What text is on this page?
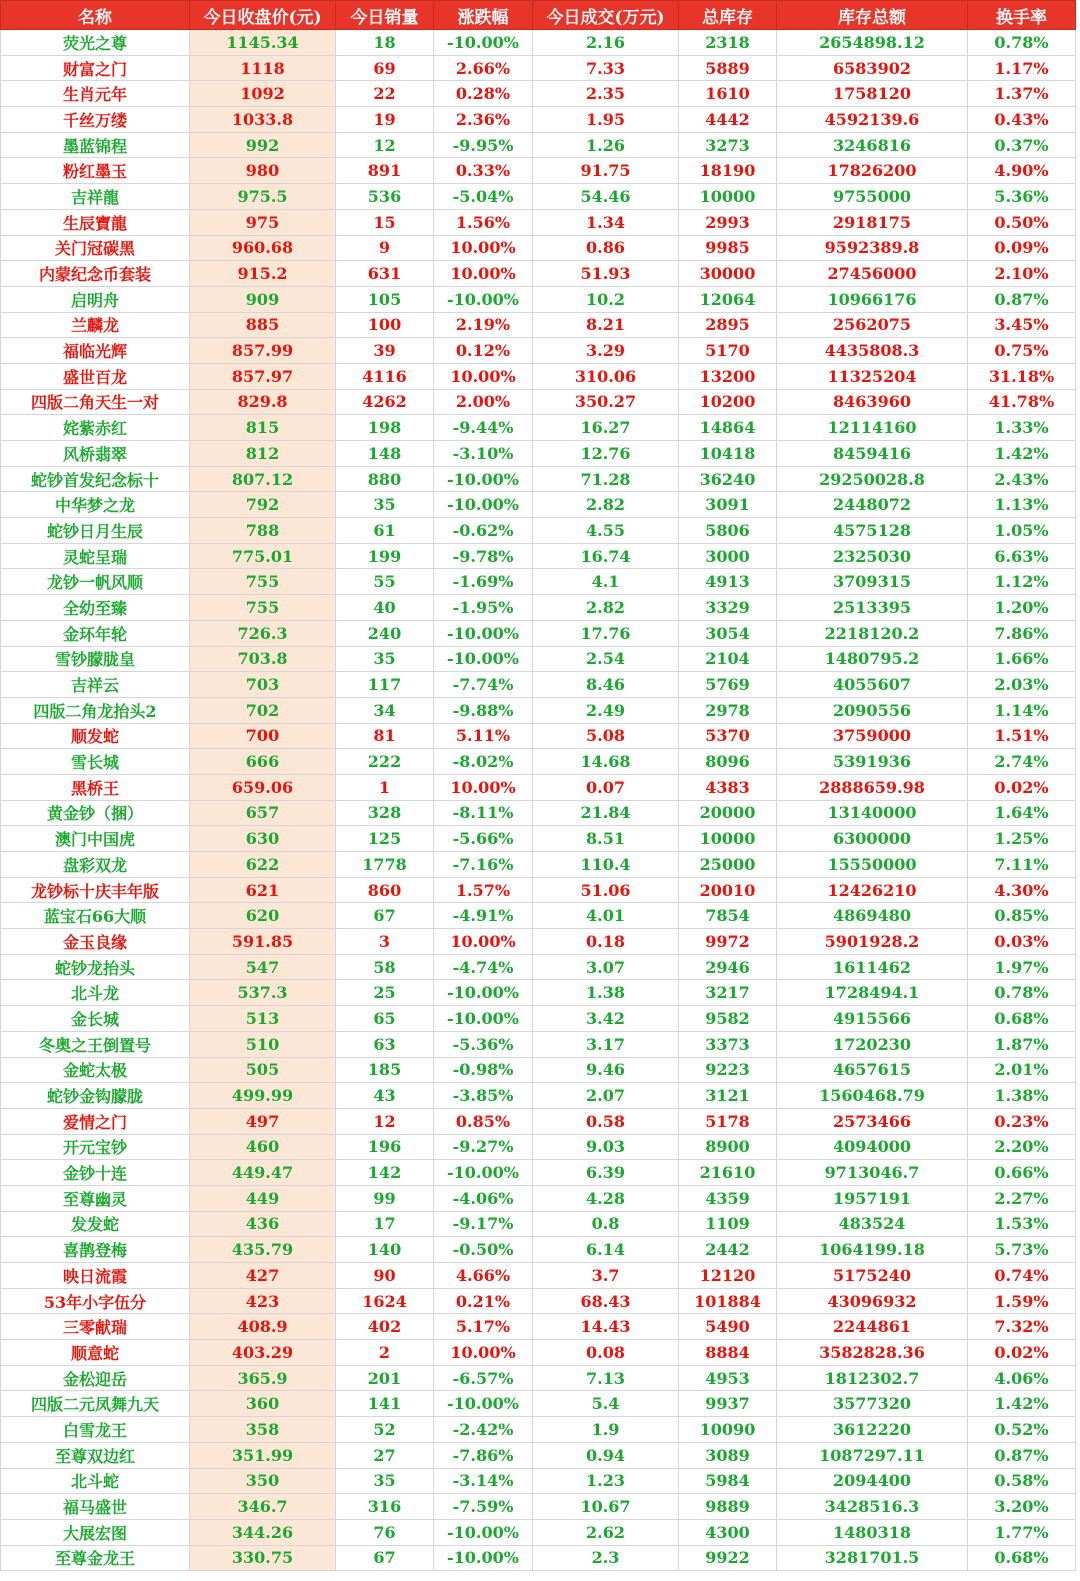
名称	今日收盘价(元)	今日销量	涨跌幅	今日成交(万元)	总库存	库存总额	换手率
荧光之尊	1145.34	18	-10.00%	2.16	2318	2654898.12	0.78%
财富之门	1118	69	2.66%	7.33	5889	6583902	1.17%
生肖元年	1092	22	0.28%	2.35	1610	1758120	1.37%
千丝万缕	1033.8	19	2.36%	1.95	4442	4592139.6	0.43%
墨蓝锦程	992	12	-9.95%	1.26	3273	3246816	0.37%
粉红墨玉	980	891	0.33%	91.75	18190	17826200	4.90%
吉祥龍	975.5	536	-5.04%	54.46	10000	9755000	5.36%
生辰寶龍	975	15	1.56%	1.34	2993	2918175	0.50%
关门冠碳黑	960.68	9	10.00%	0.86	9985	9592389.8	0.09%
内蒙纪念币套装	915.2	631	10.00%	51.93	30000	27456000	2.10%
启明舟	909	105	-10.00%	10.2	12064	10966176	0.87%
兰麟龙	885	100	2.19%	8.21	2895	2562075	3.45%
福临光辉	857.99	39	0.12%	3.29	5170	4435808.3	0.75%
盛世百龙	857.97	4116	10.00%	310.06	13200	11325204	31.18%
四版二角天生一对	829.8	4262	2.00%	350.27	10200	8463960	41.78%
姹紫赤红	815	198	-9.44%	16.27	14864	12114160	1.33%
风桥翡翠	812	148	-3.10%	12.76	10418	8459416	1.42%
蛇钞首发纪念标十	807.12	880	-10.00%	71.28	36240	29250028.8	2.43%
中华梦之龙	792	35	-10.00%	2.82	3091	2448072	1.13%
蛇钞日月生辰	788	61	-0.62%	4.55	5806	4575128	1.05%
灵蛇呈瑞	775.01	199	-9.78%	16.74	3000	2325030	6.63%
龙钞一帆风顺	755	55	-1.69%	4.1	4913	3709315	1.12%
全幼至臻	755	40	-1.95%	2.82	3329	2513395	1.20%
金环年轮	726.3	240	-10.00%	17.76	3054	2218120.2	7.86%
雪钞朦胧皇	703.8	35	-10.00%	2.54	2104	1480795.2	1.66%
吉祥云	703	117	-7.74%	8.46	5769	4055607	2.03%
四版二角龙抬头2	702	34	-9.88%	2.49	2978	2090556	1.14%
顺发蛇	700	81	5.11%	5.08	5370	3759000	1.51%
雪长城	666	222	-8.02%	14.68	8096	5391936	2.74%
黑桥王	659.06	1	10.00%	0.07	4383	2888659.98	0.02%
黄金钞（捆）	657	328	-8.11%	21.84	20000	13140000	1.64%
澳门中国虎	630	125	-5.66%	8.51	10000	6300000	1.25%
盘彩双龙	622	1778	-7.16%	110.4	25000	15550000	7.11%
龙钞标十庆丰年版	621	860	1.57%	51.06	20010	12426210	4.30%
蓝宝石66大顺	620	67	-4.91%	4.01	7854	4869480	0.85%
金玉良缘	591.85	3	10.00%	0.18	9972	5901928.2	0.03%
蛇钞龙抬头	547	58	-4.74%	3.07	2946	1611462	1.97%
北斗龙	537.3	25	-10.00%	1.38	3217	1728494.1	0.78%
金长城	513	65	-10.00%	3.42	9582	4915566	0.68%
冬奥之王倒置号	510	63	-5.36%	3.17	3373	1720230	1.87%
金蛇太极	505	185	-0.98%	9.46	9223	4657615	2.01%
蛇钞金钩朦胧	499.99	43	-3.85%	2.07	3121	1560468.79	1.38%
爱情之门	497	12	0.85%	0.58	5178	2573466	0.23%
开元宝钞	460	196	-9.27%	9.03	8900	4094000	2.20%
金钞十连	449.47	142	-10.00%	6.39	21610	9713046.7	0.66%
至尊幽灵	449	99	-4.06%	4.28	4359	1957191	2.27%
发发蛇	436	17	-9.17%	0.8	1109	483524	1.53%
喜鹊登梅	435.79	140	-0.50%	6.14	2442	1064199.18	5.73%
映日流霞	427	90	4.66%	3.7	12120	5175240	0.74%
53年小字伍分	423	1624	0.21%	68.43	101884	43096932	1.59%
三零献瑞	408.9	402	5.17%	14.43	5490	2244861	7.32%
顺意蛇	403.29	2	10.00%	0.08	8884	3582828.36	0.02%
金松迎岳	365.9	201	-6.57%	7.13	4953	1812302.7	4.06%
四版二元凤舞九天	360	141	-10.00%	5.4	9937	3577320	1.42%
白雪龙王	358	52	-2.42%	1.9	10090	3612220	0.52%
至尊双边红	351.99	27	-7.86%	0.94	3089	1087297.11	0.87%
北斗蛇	350	35	-3.14%	1.23	5984	2094400	0.58%
福马盛世	346.7	316	-7.59%	10.67	9889	3428516.3	3.20%
大展宏图	344.26	76	-10.00%	2.62	4300	1480318	1.77%
至尊金龙王	330.75	67	-10.00%	2.3	9922	3281701.5	0.68%
